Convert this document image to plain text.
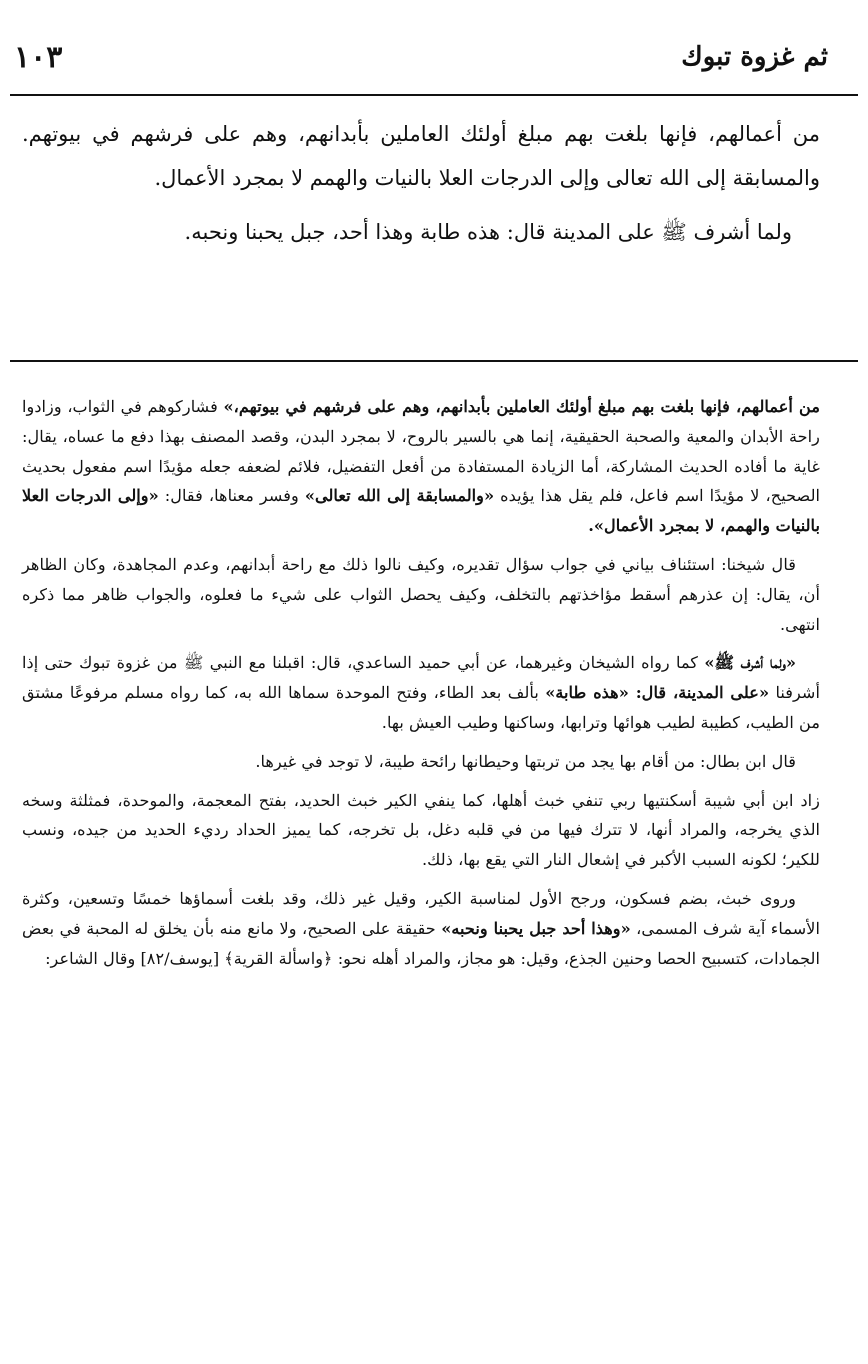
ثم غزوة تبوك
١٠٣

من أعمالهم، فإنها بلغت بهم مبلغ أولئك العاملين بأبدانهم، وهم على فرشهم في بيوتهم. والمسابقة إلى الله تعالى وإلى الدرجات العلا بالنيات والهمم لا بمجرد الأعمال.

ولما أشرف ﷺ على المدينة قال: هذه طابة وهذا أحد، جبل يحبنا ونحبه.

من أعمالهم، فإنها بلغت بهم مبلغ أولئك العاملين بأبدانهم، وهم على فرشهم في بيوتهم،» فشاركوهم في الثواب، وزادوا راحة الأبدان والمعية والصحبة الحقيقية، إنما هي بالسير بالروح، لا بمجرد البدن، وقصد المصنف بهذا دفع ما عساه، يقال: غاية ما أفاده الحديث المشاركة، أما الزيادة المستفادة من أفعل التفضيل، فلائم لضعفه جعله مؤيدًا اسم مفعول بحديث الصحيح، لا مؤيدًا اسم فاعل، فلم يقل هذا يؤيده «والمسابقة إلى الله تعالى» وفسر معناها، فقال: «وإلى الدرجات العلا بالنيات والهمم، لا بمجرد الأعمال».

قال شيخنا: استئناف بياني في جواب سؤال تقديره، وكيف نالوا ذلك مع راحة أبدانهم، وعدم المجاهدة، وكان الظاهر أن، يقال: إن عذرهم أسقط مؤاخذتهم بالتخلف، وكيف يحصل الثواب على شيء ما فعلوه، والجواب ظاهر مما ذكره انتهى.

«ولما أشرف ﷺ» كما رواه الشيخان وغيرهما، عن أبي حميد الساعدي، قال: اقبلنا مع النبي ﷺ من غزوة تبوك حتى إذا أشرفنا «على المدينة، قال: «هذه طابة» بألف بعد الطاء، وفتح الموحدة سماها الله به، كما رواه مسلم مرفوعًا مشتق من الطيب، كطيبة لطيب هوائها وترابها، وساكنها وطيب العيش بها.

قال ابن بطال: من أقام بها يجد من تربتها وحيطانها رائحة طيبة، لا توجد في غيرها.

زاد ابن أبي شيبة أسكنتيها ربي تنفي خبث أهلها، كما ينفي الكير خبث الحديد، بفتح المعجمة، والموحدة، فمثلثة وسخه الذي يخرجه، والمراد أنها، لا تترك فيها من في قلبه دغل، بل تخرجه، كما يميز الحداد رديء الحديد من جيده، ونسب للكير؛ لكونه السبب الأكبر في إشعال النار التي يقع بها، ذلك.

وروى خبث، بضم فسكون، ورجح الأول لمناسبة الكير، وقيل غير ذلك، وقد بلغت أسماؤها خمسًا وتسعين، وكثرة الأسماء آية شرف المسمى، «وهذا أحد جبل يحبنا ونحبه» حقيقة على الصحيح، ولا مانع منه بأن يخلق له المحبة في بعض الجمادات، كتسبيح الحصا وحنين الجذع، وقيل: هو مجاز، والمراد أهله نحو: ﴿واسألة القرية﴾ [يوسف/٨٢] وقال الشاعر:
